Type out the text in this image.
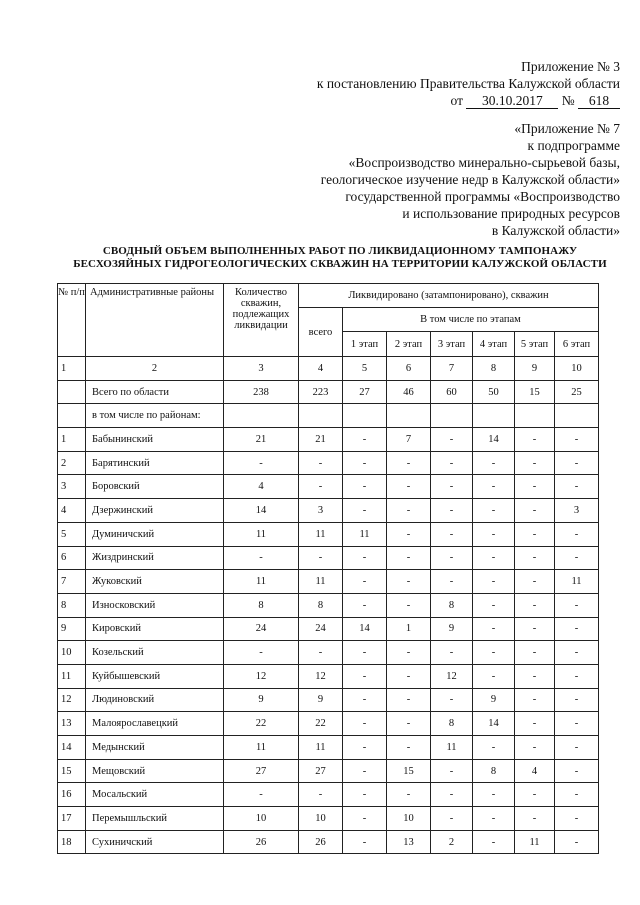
Приложение № 3
к постановлению Правительства Калужской области
от 30.10.2017 № 618
«Приложение № 7
к подпрограмме
«Воспроизводство минерально-сырьевой базы,
геологическое изучение недр в Калужской области»
государственной программы «Воспроизводство
и использование природных ресурсов
в Калужской области»
СВОДНЫЙ ОБЪЕМ ВЫПОЛНЕННЫХ РАБОТ ПО ЛИКВИДАЦИОННОМУ ТАМПОНАЖУ
БЕСХОЗЯЙНЫХ ГИДРОГЕОЛОГИЧЕСКИХ СКВАЖИН НА ТЕРРИТОРИИ КАЛУЖСКОЙ ОБЛАСТИ
№ п/п	Административные районы	Количество скважин, подлежащих ликвидации	Ликвидировано (затампонировано), скважин						
			всего	В том числе по этапам					
				1 этап	2 этап	3 этап	4 этап	5 этап	6 этап
1	2	3	4	5	6	7	8	9	10
	Всего по области	238	223	27	46	60	50	15	25
	в том числе по районам:								
1	Бабынинский	21	21	-	7	-	14	-	-
2	Барятинский	-	-	-	-	-	-	-	-
3	Боровский	4	-	-	-	-	-	-	-
4	Дзержинский	14	3	-	-	-	-	-	3
5	Думиничский	11	11	11	-	-	-	-	-
6	Жиздринский	-	-	-	-	-	-	-	-
7	Жуковский	11	11	-	-	-	-	-	11
8	Износковский	8	8	-	-	8	-	-	-
9	Кировский	24	24	14	1	9	-	-	-
10	Козельский	-	-	-	-	-	-	-	-
11	Куйбышевский	12	12	-	-	12	-	-	-
12	Людиновский	9	9	-	-	-	9	-	-
13	Малоярославецкий	22	22	-	-	8	14	-	-
14	Медынский	11	11	-	-	11	-	-	-
15	Мещовский	27	27	-	15	-	8	4	-
16	Мосальский	-	-	-	-	-	-	-	-
17	Перемышльский	10	10	-	10	-	-	-	-
18	Сухиничский	26	26	-	13	2	-	11	-
